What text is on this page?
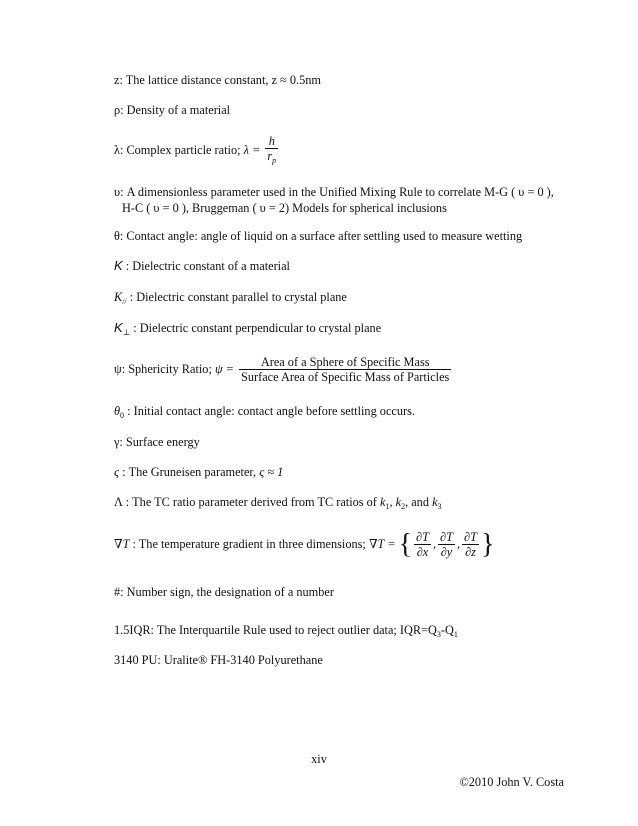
z: The lattice distance constant, z ≈ 0.5nm
ρ: Density of a material
λ: Complex particle ratio; $\lambda = \frac{h}{r_p}$
υ: A dimensionless parameter used in the Unified Mixing Rule to correlate M-G ( υ = 0 ),
H-C ( υ = 0 ), Bruggeman ( υ = 2) Models for spherical inclusions
θ: Contact angle: angle of liquid on a surface after settling used to measure wetting
K : Dielectric constant of a material
$K_{//}$ : Dielectric constant parallel to crystal plane
$K_\perp$ : Dielectric constant perpendicular to crystal plane
ψ: Sphericity Ratio; $\psi = \frac{\text{Area of a Sphere of Specific Mass}}{\text{Surface Area of Specific Mass of Particles}}$
$\theta_0$ : Initial contact angle: contact angle before settling occurs.
γ: Surface energy
ς : The Gruneisen parameter, ς ≈ 1
Λ : The TC ratio parameter derived from TC ratios of $k_1$, $k_2$, and $k_3$
∇T : The temperature gradient in three dimensions; ∇T = { $\frac{\partial T}{\partial x}$ , $\frac{\partial T}{\partial y}$ , $\frac{\partial T}{\partial z}$ }
#: Number sign, the designation of a number
1.5IQR: The Interquartile Rule used to reject outlier data; $IQR=Q_3-Q_1$
3140 PU: Uralite® FH-3140 Polyurethane
xiv
©2010 John V. Costa
